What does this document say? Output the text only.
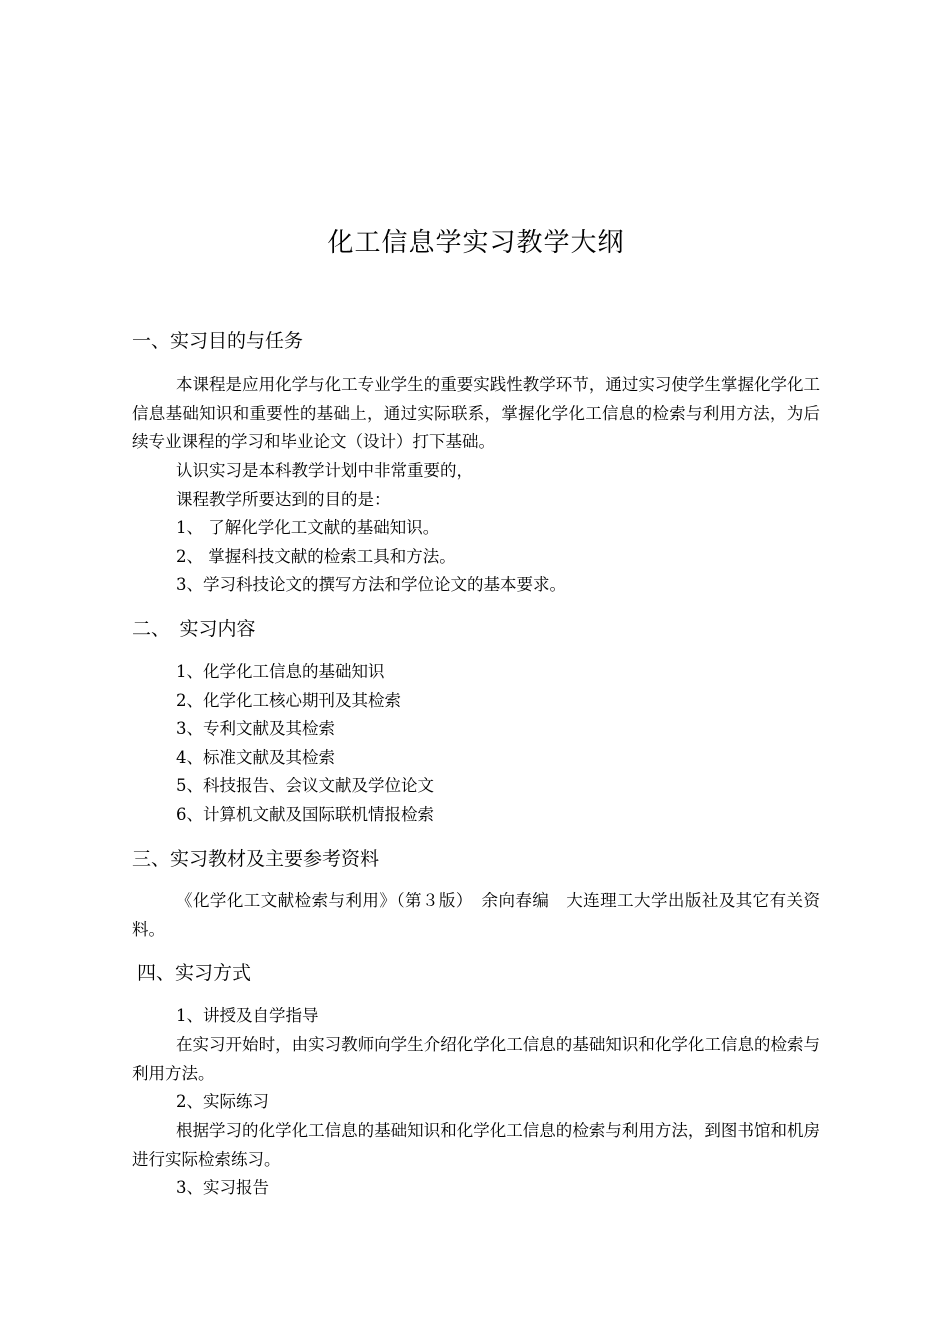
化工信息学实习教学大纲
一、实习目的与任务

本课程是应用化学与化工专业学生的重要实践性教学环节，通过实习使学生掌握化学化工信息基础知识和重要性的基础上，通过实际联系，掌握化学化工信息的检索与利用方法，为后续专业课程的学习和毕业论文（设计）打下基础。

认识实习是本科教学计划中非常重要的，

课程教学所要达到的目的是：

1、 了解化学化工文献的基础知识。

2、 掌握科技文献的检索工具和方法。

3、学习科技论文的撰写方法和学位论文的基本要求。

二、　实习内容

1、化学化工信息的基础知识

2、化学化工核心期刊及其检索

3、专利文献及其检索

4、标准文献及其检索

5、科技报告、会议文献及学位论文

6、计算机文献及国际联机情报检索

三、实习教材及主要参考资料

《化学化工文献检索与利用》（第３版）　余向春编　大连理工大学出版社及其它有关资料。

四、实习方式

1、讲授及自学指导

在实习开始时，由实习教师向学生介绍化学化工信息的基础知识和化学化工信息的检索与利用方法。

2、实际练习

根据学习的化学化工信息的基础知识和化学化工信息的检索与利用方法，到图书馆和机房进行实际检索练习。

3、实习报告
